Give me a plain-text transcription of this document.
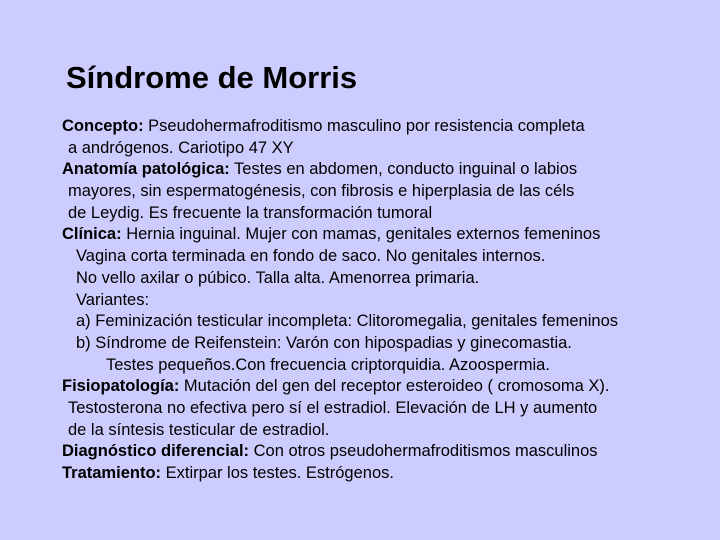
Síndrome de Morris
Concepto: Pseudohermafroditismo masculino por resistencia completa
a andrógenos. Cariotipo 47 XY
Anatomía patológica: Testes en abdomen, conducto inguinal o labios
mayores, sin espermatogénesis, con fibrosis e hiperplasia de las céls
de Leydig. Es frecuente la transformación tumoral
Clínica: Hernia inguinal. Mujer con mamas, genitales externos femeninos
Vagina corta terminada en fondo de saco. No genitales internos.
No vello axilar o púbico. Talla alta. Amenorrea primaria.
Variantes:
a) Feminización testicular incompleta: Clitoromegalia, genitales femeninos
b) Síndrome de Reifenstein: Varón con hipospadias y ginecomastia.
Testes pequeños.Con frecuencia criptorquidia. Azoospermia.
Fisiopatología: Mutación del gen del receptor esteroideo ( cromosoma X).
Testosterona no efectiva pero sí el estradiol. Elevación de LH y aumento
de la síntesis testicular de estradiol.
Diagnóstico diferencial: Con otros pseudohermafroditismos masculinos
Tratamiento: Extirpar los testes. Estrógenos.
